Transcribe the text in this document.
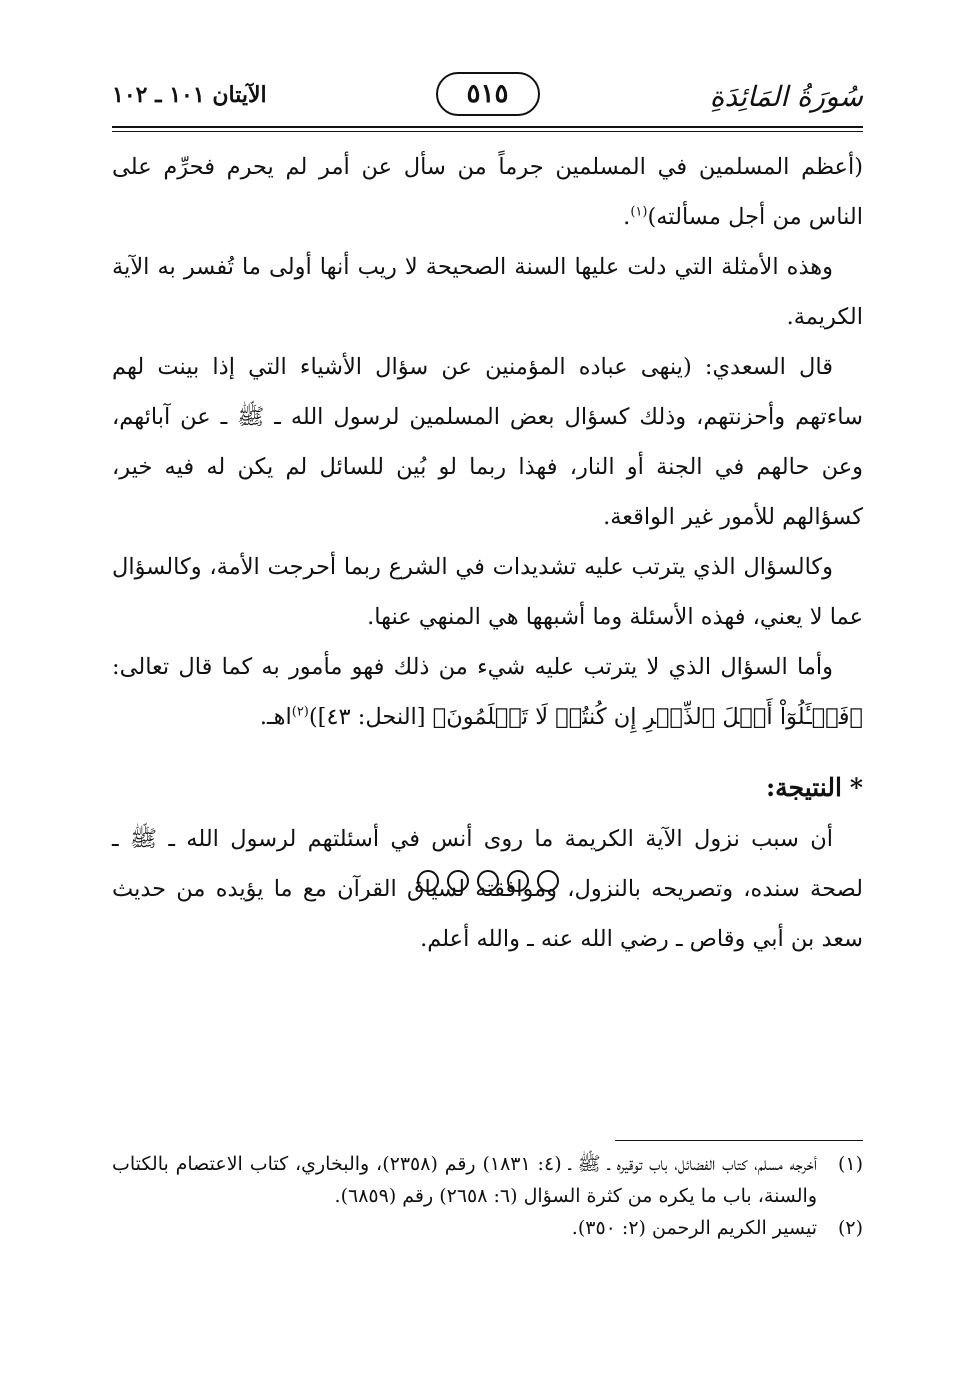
سُورَةُ المَائِدَةِ
٥١٥
الآيتان ١٠١ ـ ١٠٢

(أعظم المسلمين في المسلمين جرماً من سأل عن أمر لم يحرم فحرِّم على الناس من أجل مسألته)$^{(١)}$.

وهذه الأمثلة التي دلت عليها السنة الصحيحة لا ريب أنها أولى ما تُفسر به الآية الكريمة.

قال السعدي: (ينهى عباده المؤمنين عن سؤال الأشياء التي إذا بينت لهم ساءتهم وأحزنتهم، وذلك كسؤال بعض المسلمين لرسول الله ـ ﷺ ـ عن آبائهم، وعن حالهم في الجنة أو النار، فهذا ربما لو بُين للسائل لم يكن له فيه خير، كسؤالهم للأمور غير الواقعة.

وكالسؤال الذي يترتب عليه تشديدات في الشرع ربما أحرجت الأمة، وكالسؤال عما لا يعني، فهذه الأسئلة وما أشبهها هي المنهي عنها.

وأما السؤال الذي لا يترتب عليه شيء من ذلك فهو مأمور به كما قال تعالى: ﴿فَسۡـَٔلُوٓاْ أَهۡلَ ٱلذِّكۡرِ إِن كُنتُمۡ لَا تَعۡلَمُونَ﴾ [النحل: ٤٣])$^{(٢)}$اهـ.

*النتيجة:

أن سبب نزول الآية الكريمة ما روى أنس في أسئلتهم لرسول الله ـ ﷺ ـ لصحة سنده، وتصريحه بالنزول، وموافقته لسياق القرآن مع ما يؤيده من حديث سعد بن أبي وقاص ـ رضي الله عنه ـ والله أعلم.

(١)
أخرجه مسلم، كتاب الفضائل، باب توقيره ـ ﷺ ـ (٤: ١٨٣١) رقم (٢٣٥٨)، والبخاري، كتاب الاعتصام بالكتاب والسنة، باب ما يكره من كثرة السؤال (٦: ٢٦٥٨) رقم (٦٨٥٩).
(٢)
تيسير الكريم الرحمن (٢: ٣٥٠).
